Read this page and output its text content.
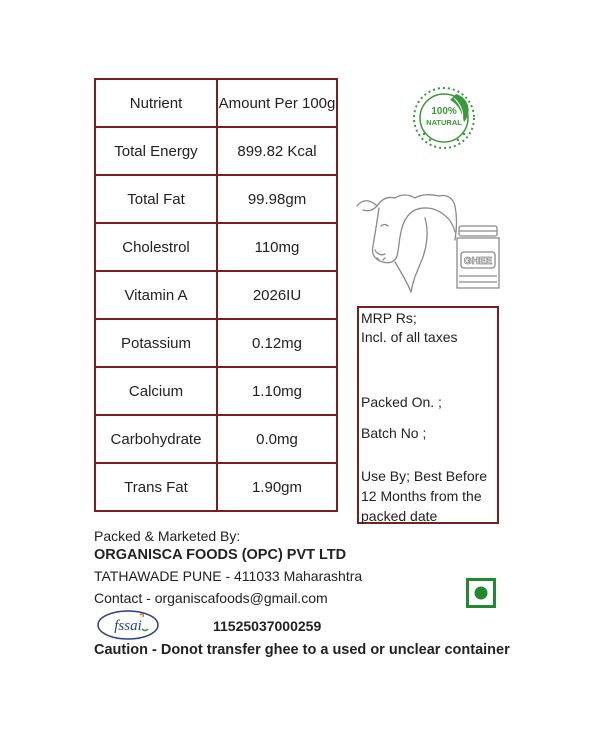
Nutrient	Amount Per 100g
Total Energy	899.82 Kcal
Total Fat	99.98gm
Cholestrol	110mg
Vitamin A	2026IU
Potassium	0.12mg
Calcium	1.10mg
Carbohydrate	0.0mg
Trans Fat	1.90gm
100%
NATURAL
GHEE
MRP Rs;
Incl. of all taxes
Packed On. ;
Batch No ;
Use By; Best Before
12 Months from the
packed date
Packed & Marketed By:
ORGANISCA FOODS (OPC) PVT LTD
TATHAWADE PUNE - 411033 Maharashtra
Contact - organiscafoods@gmail.com
fssai	11525037000259
Caution - Donot transfer ghee to a used or unclear container
